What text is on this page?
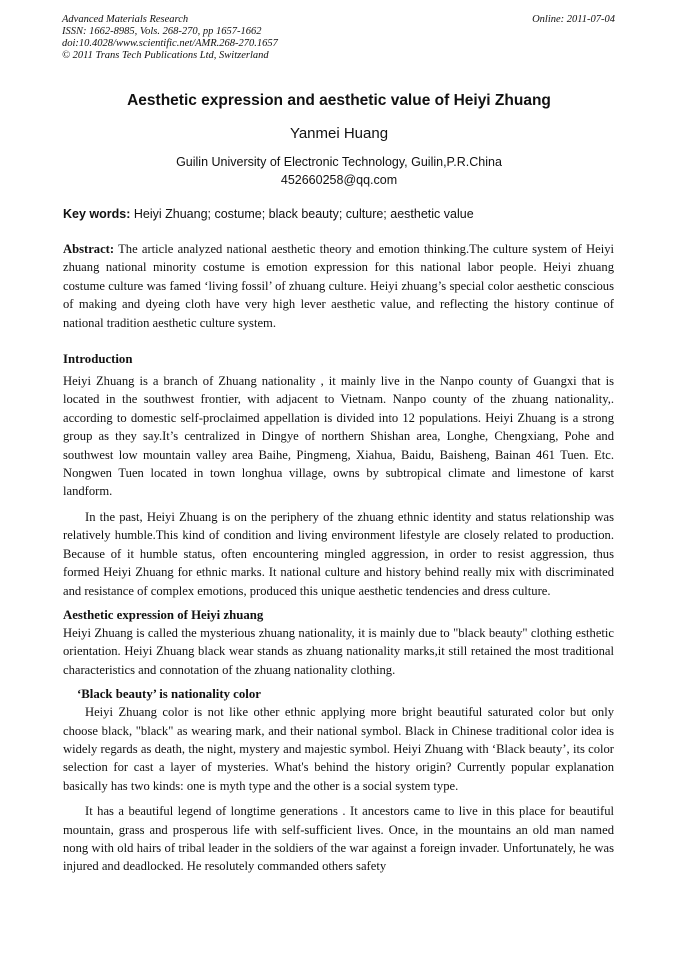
Advanced Materials Research
ISSN: 1662-8985, Vols. 268-270, pp 1657-1662
doi:10.4028/www.scientific.net/AMR.268-270.1657
© 2011 Trans Tech Publications Ltd, Switzerland
Online: 2011-07-04
Aesthetic expression and aesthetic value of Heiyi Zhuang
Yanmei Huang
Guilin University of Electronic Technology, Guilin,P.R.China
452660258@qq.com

Key words: Heiyi Zhuang; costume; black beauty; culture; aesthetic value

Abstract: The article analyzed national aesthetic theory and emotion thinking.The culture system of Heiyi zhuang national minority costume is emotion expression for this national labor people. Heiyi zhuang costume culture was famed ‘living fossil’ of zhuang culture. Heiyi zhuang’s special color aesthetic conscious of making and dyeing cloth have very high lever aesthetic value, and reflecting the history continue of national tradition aesthetic culture system.

Introduction

Heiyi Zhuang is a branch of Zhuang nationality , it mainly live in the Nanpo county of Guangxi that is located in the southwest frontier, with adjacent to Vietnam. Nanpo county of the zhuang nationality,. according to domestic self-proclaimed appellation is divided into 12 populations. Heiyi Zhuang is a strong group as they say.It’s centralized in Dingye of northern Shishan area, Longhe, Chengxiang, Pohe and southwest low mountain valley area Baihe, Pingmeng, Xiahua, Baidu, Baisheng, Bainan 461 Tuen. Etc. Nongwen Tuen located in town longhua village, owns by subtropical climate and limestone of karst landform.

In the past, Heiyi Zhuang is on the periphery of the zhuang ethnic identity and status relationship was relatively humble.This kind of condition and living environment lifestyle are closely related to production. Because of it humble status, often encountering mingled aggression, in order to resist aggression, thus formed Heiyi Zhuang for ethnic marks. It national culture and history behind really mix with discriminated and resistance of complex emotions, produced this unique aesthetic tendencies and dress culture.

Aesthetic expression of Heiyi zhuang

Heiyi Zhuang is called the mysterious zhuang nationality, it is mainly due to "black beauty" clothing esthetic orientation. Heiyi Zhuang black wear stands as zhuang nationality marks,it still retained the most traditional characteristics and connotation of the zhuang nationality clothing.

‘Black beauty’ is nationality color

Heiyi Zhuang color is not like other ethnic applying more bright beautiful saturated color but only choose black, "black" as wearing mark, and their national symbol. Black in Chinese traditional color idea is widely regards as death, the night, mystery and majestic symbol. Heiyi Zhuang with ‘Black beauty’, its color selection for cast a layer of mysteries. What's behind the history origin? Currently popular explanation basically has two kinds: one is myth type and the other is a social system type.

It has a beautiful legend of longtime generations . It ancestors came to live in this place for beautiful mountain, grass and prosperous life with self-sufficient lives. Once, in the mountains an old man named nong with old hairs of tribal leader in the soldiers of the war against a foreign invader. Unfortunately, he was injured and deadlocked. He resolutely commanded others safety
